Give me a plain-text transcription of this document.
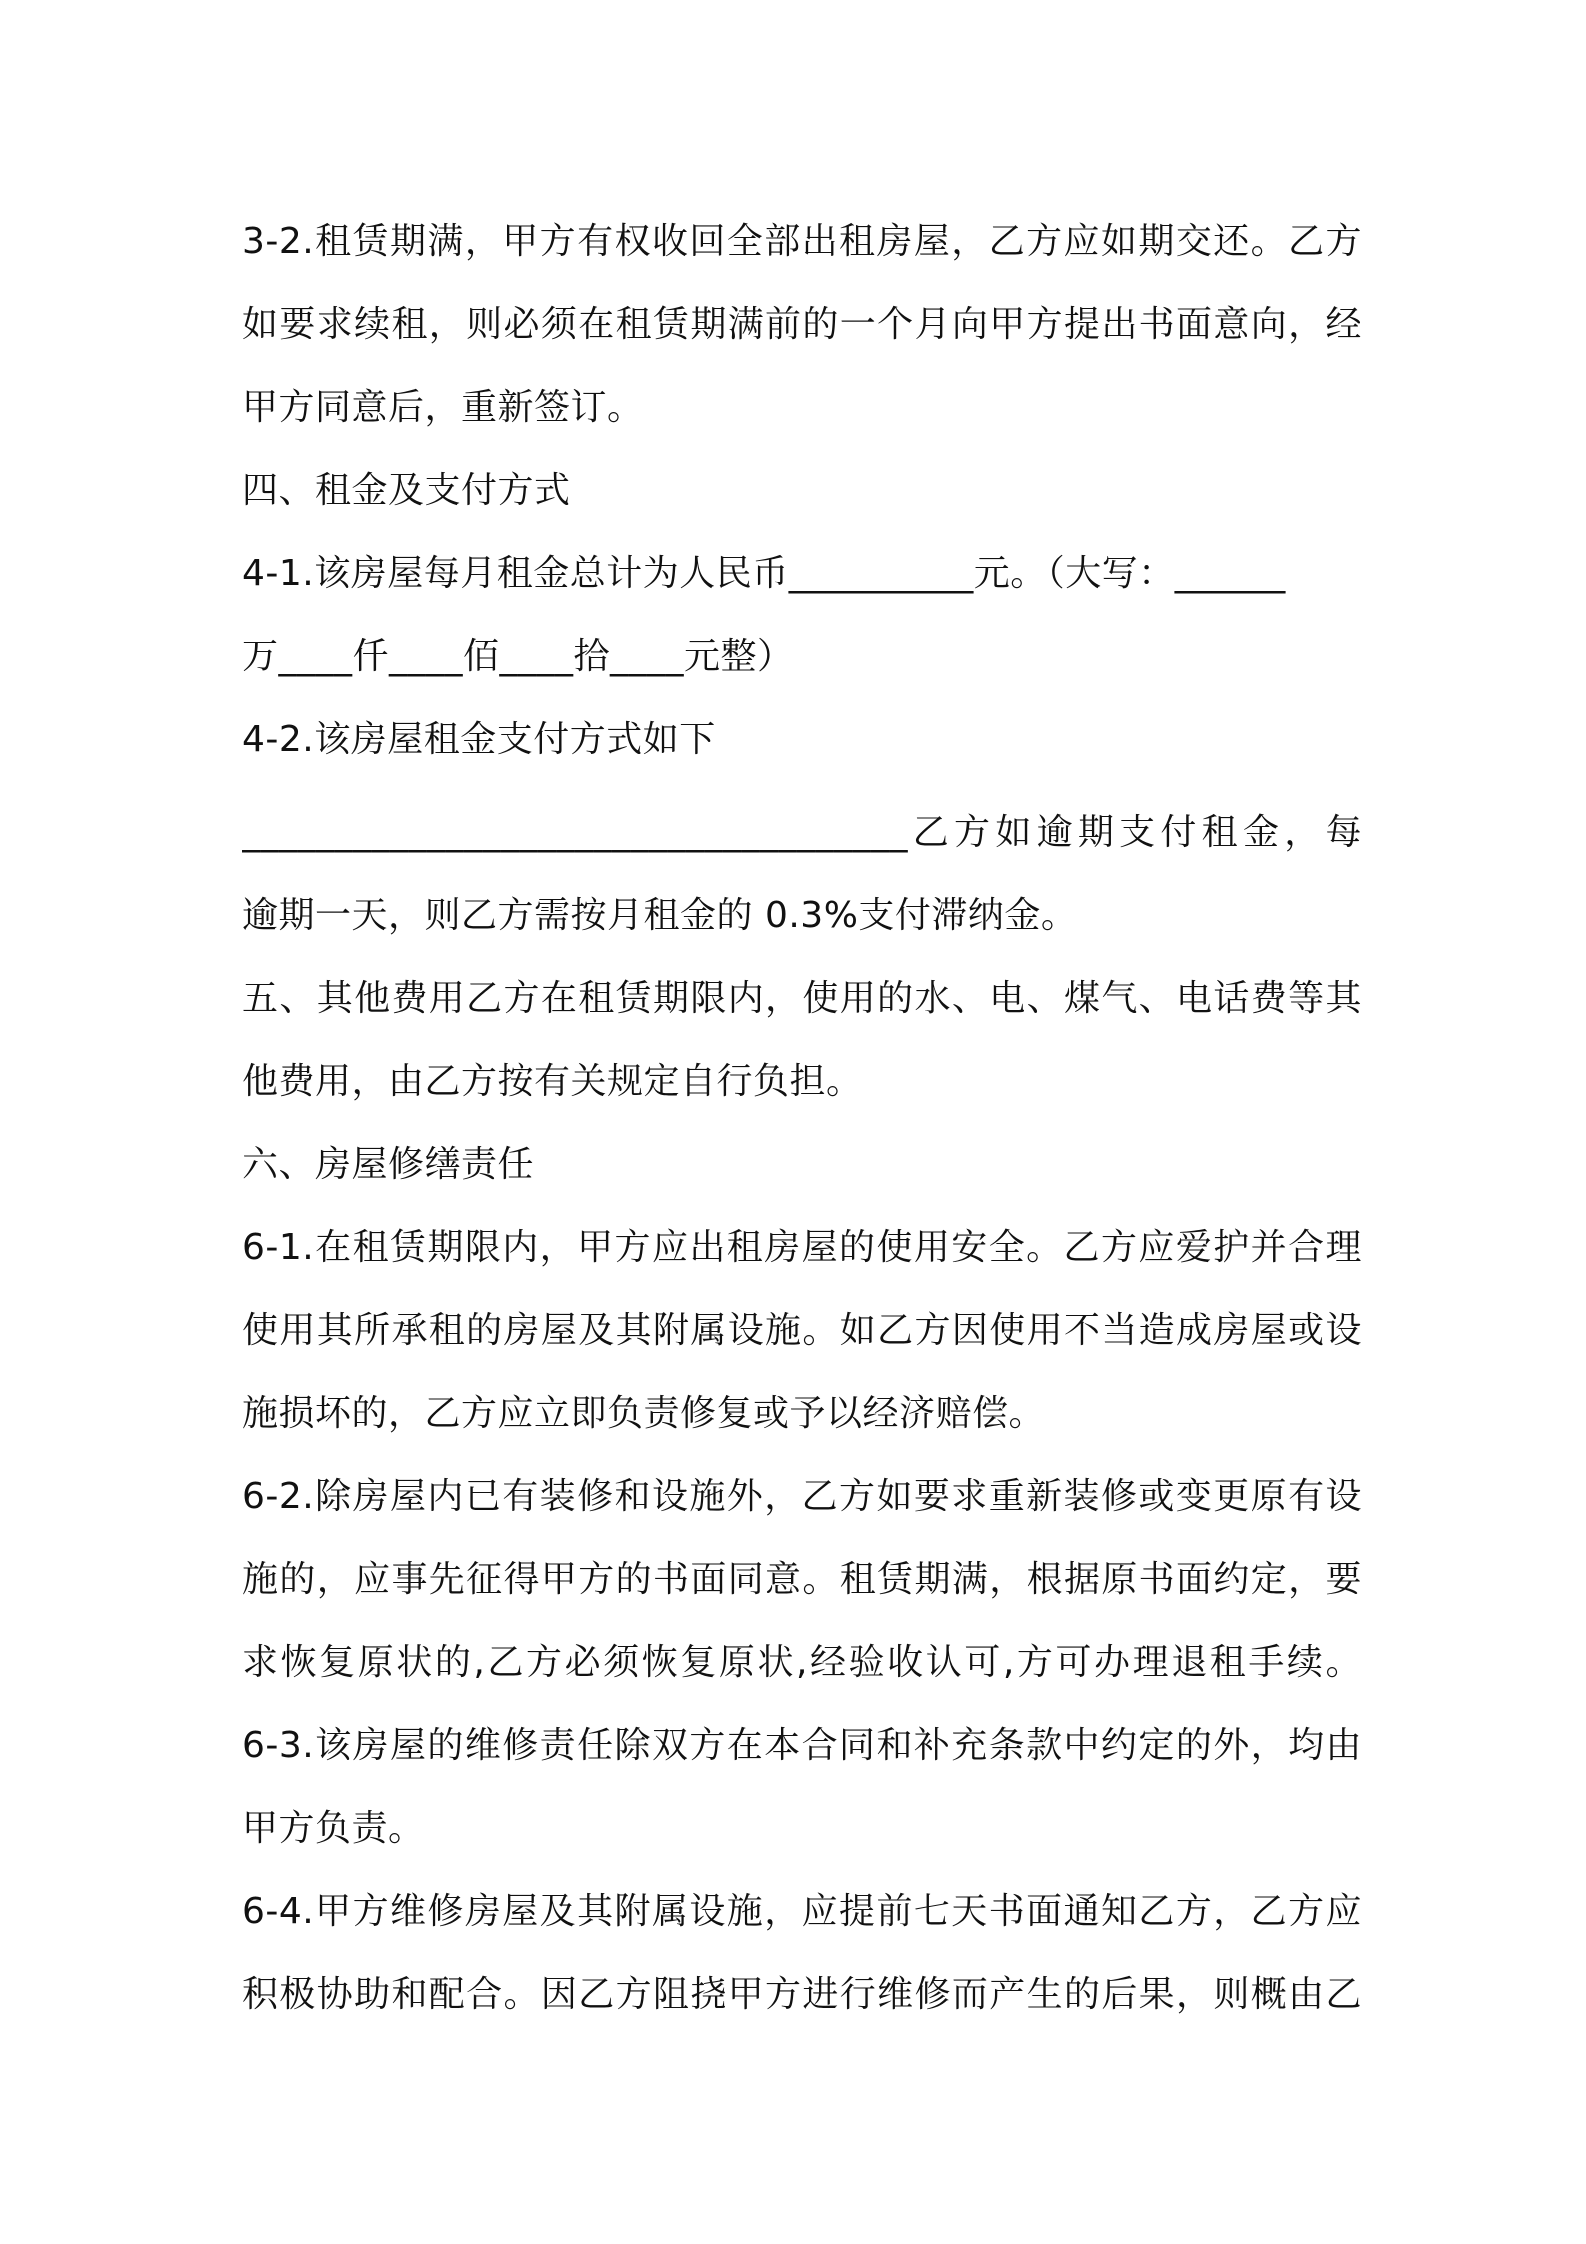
3-2.租赁期满，甲方有权收回全部出租房屋，乙方应如期交还。乙方
如要求续租，则必须在租赁期满前的一个月向甲方提出书面意向，经
甲方同意后，重新签订。
四、租金及支付方式
4-1.该房屋每月租金总计为人民币__________元。（大写：______
万____仟____佰____拾____元整）
4-2.该房屋租金支付方式如下
____________________________________乙方如逾期支付租金，每
逾期一天，则乙方需按月租金的 0.3%支付滞纳金。
五、其他费用乙方在租赁期限内，使用的水、电、煤气、电话费等其
他费用，由乙方按有关规定自行负担。
六、房屋修缮责任
6-1.在租赁期限内，甲方应出租房屋的使用安全。乙方应爱护并合理
使用其所承租的房屋及其附属设施。如乙方因使用不当造成房屋或设
施损坏的，乙方应立即负责修复或予以经济赔偿。
6-2.除房屋内已有装修和设施外，乙方如要求重新装修或变更原有设
施的，应事先征得甲方的书面同意。租赁期满，根据原书面约定，要
求恢复原状的,乙方必须恢复原状,经验收认可,方可办理退租手续。
6-3.该房屋的维修责任除双方在本合同和补充条款中约定的外，均由
甲方负责。
6-4.甲方维修房屋及其附属设施，应提前七天书面通知乙方，乙方应
积极协助和配合。因乙方阻挠甲方进行维修而产生的后果，则概由乙
